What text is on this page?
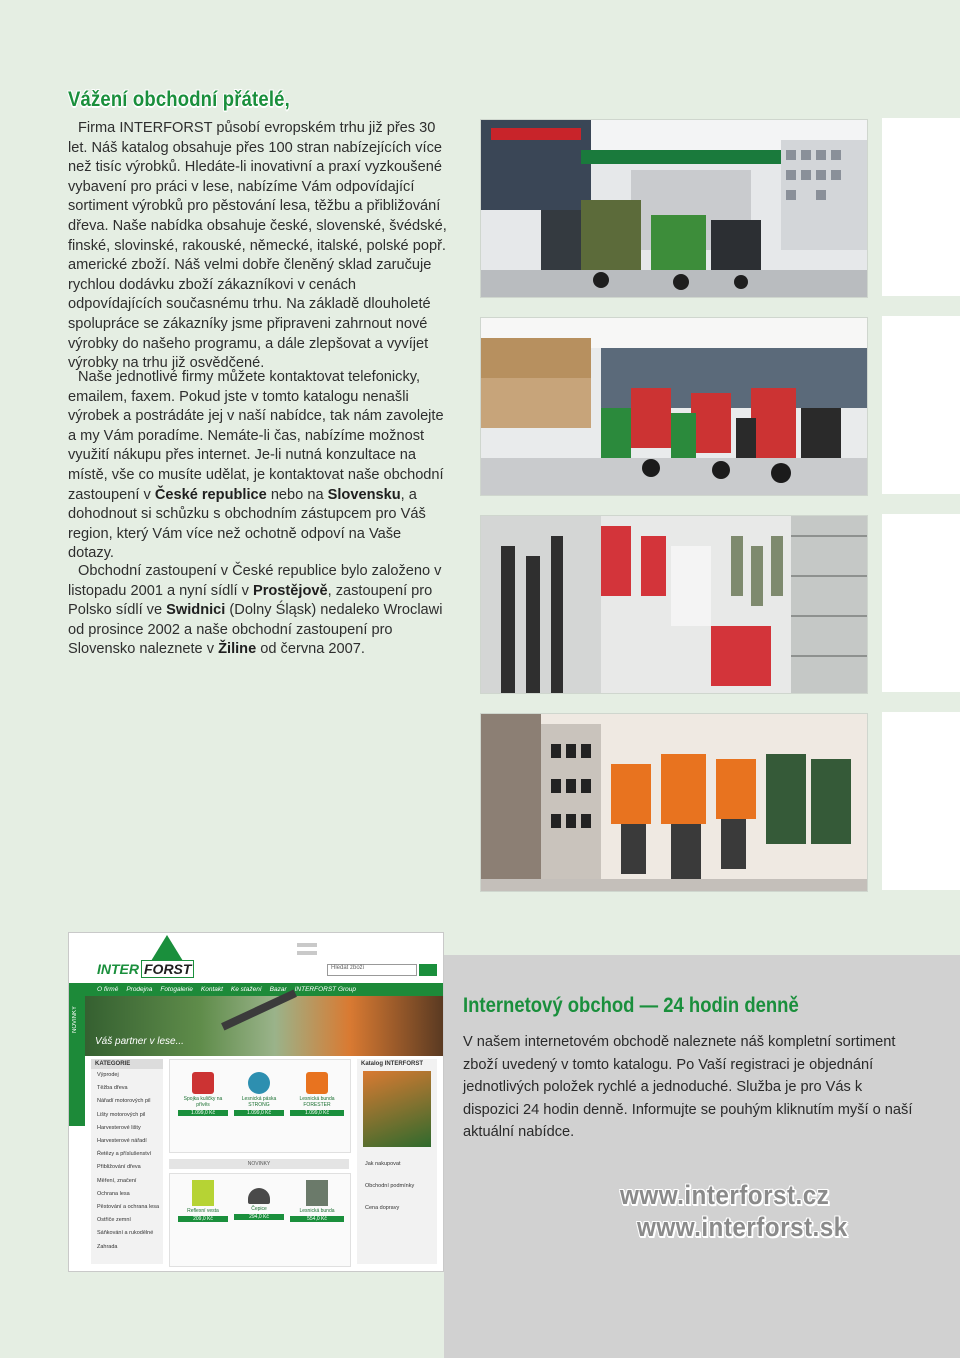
Vážení obchodní přátelé,

Firma INTERFORST působí evropském trhu již přes 30 let. Náš katalog obsahuje přes 100 stran nabízejících více než tisíc výrobků. Hledáte-li inovativní a praxí vyzkoušené vybavení pro práci v lese, nabízíme Vám odpovídající sortiment výrobků pro pěstování lesa, těžbu a přibližování dřeva. Naše nabídka obsahuje české, slovenské, švédské, finské, slovinské, rakouské, německé, italské, polské popř. americké zboží. Náš velmi dobře členěný sklad zaručuje rychlou dodávku zboží zákazníkovi v cenách odpovídajících současnému trhu. Na základě dlouholeté spolupráce se zákazníky jsme připraveni zahrnout nové výrobky do našeho programu, a dále zlepšovat a vyvíjet výrobky na trhu již osvědčené.

Naše jednotlivé firmy můžete kontaktovat telefonicky, emailem, faxem. Pokud jste v tomto katalogu nenašli výrobek a postrádáte jej v naší nabídce, tak nám zavolejte a my Vám poradíme. Nemáte-li čas, nabízíme možnost využití nákupu přes internet. Je-li nutná konzultace na místě, vše co musíte udělat, je kontaktovat naše obchodní zastoupení v České republice nebo na Slovensku, a dohodnout si schůzku s obchodním zástupcem pro Váš region, který Vám více než ochotně odpoví na Vaše dotazy.

Obchodní zastoupení v České republice bylo založeno v listopadu 2001 a nyní sídlí v Prostějově, zastoupení pro Polsko sídlí ve Swidnici (Dolny Śląsk) nedaleko Wroclawi od prosince 2002 a naše obchodní zastoupení pro Slovensko naleznete v Žiline od června 2007.

INTER FORST	Hledat zboží
O firmě Prodejna Fotogalerie Kontakt Ke stažení Bazar INTERFORST Group
Váš partner v lese...
NOVINKY
KATEGORIE
Výprodej
Těžba dřeva
Nářadí motorových pil
Lišty motorových pil
Harvesterové lišty
Harvesterové nářadí
Řetězy a příslušenství
Přibližování dřeva
Měření, značení
Ochrana lesa
Pěstování a ochrana lesa
Ostřiče zemní
Sáňkování a rukodělné
Zahrada
Spojka kuličky na přívěs
1.099,0 Kč
Lesnická páska STRONG
1.099,0 Kč
Lesnická bunda FORESTER
1.099,0 Kč
NOVINKY
Reflexní vesta
209,0 Kč
Čepice
294,0 Kč
Lesnická bunda
554,0 Kč
Katalog INTERFORST
Jak nakupovat
Obchodní podmínky
Cena dopravy
Internetový obchod — 24 hodin denně

V našem internetovém obchodě naleznete náš kompletní sortiment zboží uvedený v tomto katalogu. Po Vaší registraci je objednání jednotlivých položek rychlé a jednoduché. Služba je pro Vás k dispozici 24 hodin denně. Informujte se pouhým kliknutím myší o naší aktuální nabídce.

www.interforst.cz

www.interforst.sk
